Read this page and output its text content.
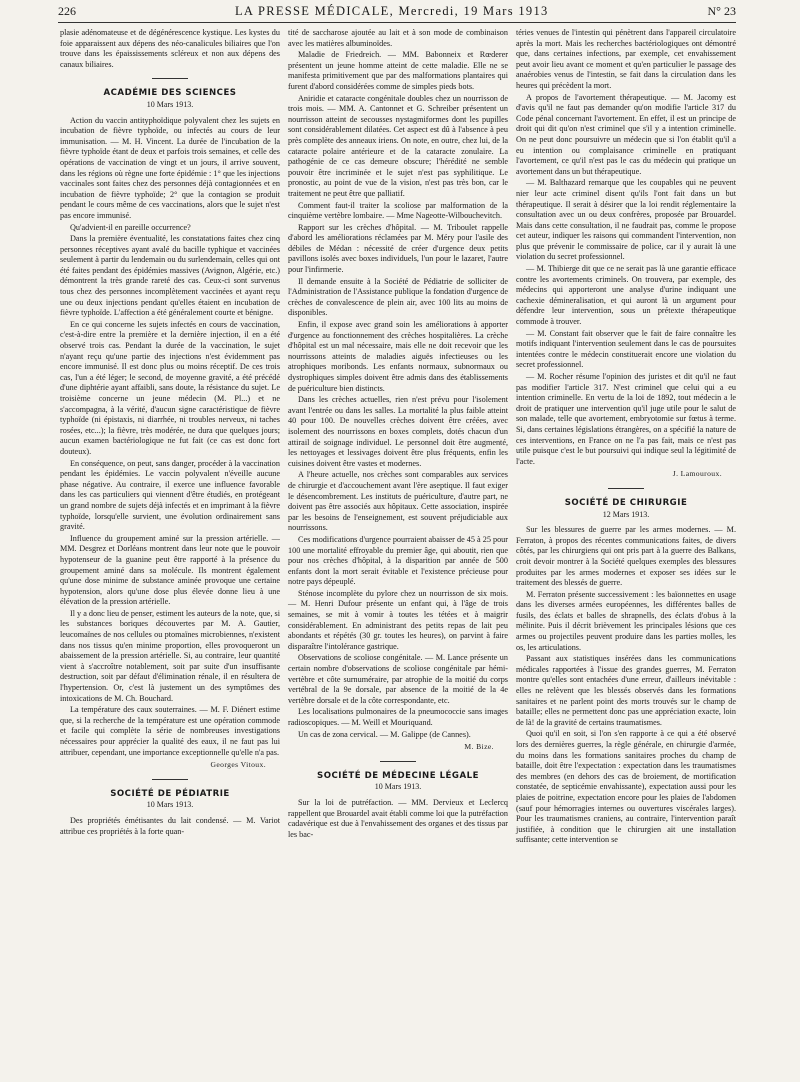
226	LA PRESSE MÉDICALE, Mercredi, 19 Mars 1913	N° 23

plasie adénomateuse et de dégénérescence kystique. Les kystes du foie apparaissent aux dépens des néo-canalicules biliaires que l'on trouve dans les épaississements scléreux et non aux dépens des canaux biliaires.

ACADÉMIE DES SCIENCES
10 Mars 1913.

Action du vaccin antityphoïdique polyvalent chez les sujets en incubation de fièvre typhoïde, ou infectés au cours de leur immunisation. — M. H. Vincent. La durée de l'incubation de la fièvre typhoïde étant de deux et parfois trois semaines, et celle des opérations de vaccination de vingt et un jours, il arrive souvent, dans les régions où règne une forte épidémie : 1° que les injections vaccinales sont faites chez des personnes déjà contagionnées et en incubation de fièvre typhoïde; 2° que la contagion se produit pendant le cours même de ces vaccinations, alors que le sujet n'est pas encore immunisé.

Qu'advient-il en pareille occurrence?

Dans la première éventualité, les constatations faites chez cinq personnes réceptives ayant avalé du bacille typhique et vaccinées seulement à partir du lendemain ou du surlendemain, celles qui ont été faites pendant des épidémies massives (Avignon, Algérie, etc.) démontrent la très grande rareté des cas. Ceux-ci sont survenus tous chez des personnes incomplètement vaccinées et ayant reçu une ou deux injections pendant qu'elles étaient en incubation de fièvre typhoïde. L'affection a été généralement courte et bénigne.

En ce qui concerne les sujets infectés en cours de vaccination, c'est-à-dire entre la première et la dernière injection, il en a été observé trois cas. Pendant la durée de la vaccination, le sujet n'ayant reçu qu'une partie des injections n'est évidemment pas encore immunisé. Il est donc plus ou moins réceptif. De ces trois cas, l'un a été léger; le second, de moyenne gravité, a été précédé d'une diphtérie ayant affaibli, sans doute, la résistance du sujet. Le troisième concerne un jeune médecin (M. Pl...) et ne s'accompagna, à la vérité, d'aucun signe caractéristique de fièvre typhoïde (ni épistaxis, ni diarrhée, ni troubles nerveux, ni taches rosées, etc...); la fièvre, très modérée, ne dura que quelques jours; aucun examen bactériologique ne fut fait (ce cas est donc fort douteux).

En conséquence, on peut, sans danger, procéder à la vaccination pendant les épidémies. Le vaccin polyvalent n'éveille aucune phase négative. Au contraire, il exerce une influence favorable dans les cas particuliers qui viennent d'être étudiés, en protégeant un grand nombre de sujets déjà infectés et en imprimant à la fièvre typhoïde, lorsqu'elle survient, une évolution ordinairement sans gravité.

Influence du groupement aminé sur la pression artérielle. — MM. Desgrez et Dorléans montrent dans leur note que le pouvoir hypotenseur de la guanine peut être rapporté à la présence du groupement aminé dans sa molécule. Ils montrent également qu'une dose minime de substance aminée provoque une certaine hypotension, alors qu'une dose plus élevée donne lieu à une élévation de la pression artérielle.

Il y a donc lieu de penser, estiment les auteurs de la note, que, si les substances boriques découvertes par M. A. Gautier, leucomaïnes de nos cellules ou ptomaïnes microbiennes, n'existent dans nos tissus qu'en minime proportion, elles provoqueront un abaissement de la pression artérielle. Si, au contraire, leur quantité vient à s'accroître notablement, soit par suite d'un insuffisante destruction, soit par défaut d'élimination rénale, il en résultera de l'hypertension. Or, c'est là justement un des symptômes des intoxications de M. Ch. Bouchard.

La température des caux souterraines. — M. F. Diénert estime que, si la recherche de la température est une opération commode et facile qui complète la série de nombreuses investigations nécessaires pour apprécier la qualité des eaux, il ne faut pas lui attribuer, cependant, une importance exceptionnelle qu'elle n'a pas.

Georges Vitoux.
SOCIÉTÉ DE PÉDIATRIE
10 Mars 1913.

Des propriétés émétisantes du lait condensé. — M. Variot attribue ces propriétés à la forte quan-

tité de saccharose ajoutée au lait et à son mode de combinaison avec les matières albuminoïdes.

Maladie de Friedreich. — MM. Babonneix et Rœderer présentent un jeune homme atteint de cette maladie. Elle ne se manifesta primitivement que par des malformations plantaires qui furent d'abord considérées comme de simples pieds bots.

Aniridie et cataracte congénitale doubles chez un nourrisson de trois mois. — MM. A. Cantonnet et G. Schreiber présentent un nourrisson atteint de secousses nystagmiformes dont les pupilles sont considérablement dilatées. Cet aspect est dû à l'absence à peu près complète des anneaux iriens. On note, en outre, chez lui, de la cataracte polaire antérieure et de la cataracte zonulaire. La pathogénie de ce cas demeure obscure; l'hérédité ne semble pouvoir être incriminée et le sujet n'est pas syphilitique. Le pronostic, au point de vue de la vision, n'est pas très bon, car le traitement ne peut être que palliatif.

Comment faut-il traiter la scoliose par malformation de la cinquième vertèbre lombaire. — Mme Nageotte-Wilbouchevitch.

Rapport sur les crèches d'hôpital. — M. Triboulet rappelle d'abord les améliorations réclamées par M. Méry pour l'asile des débiles de Médan : nécessité de créer d'urgence deux petits pavillons isolés avec boxes individuels, l'un pour le lazaret, l'autre pour l'infirmerie.

Il demande ensuite à la Société de Pédiatrie de solliciter de l'Administration de l'Assistance publique la fondation d'urgence de crèches de convalescence de plein air, avec 100 lits au moins de disponibles.

Enfin, il expose avec grand soin les améliorations à apporter d'urgence au fonctionnement des crèches hospitalières. La crèche d'hôpital est un mal nécessaire, mais elle ne doit recevoir que les nourrissons atteints de maladies aiguës infectieuses ou les atrophiques moribonds. Les enfants normaux, subnormaux ou dystrophiques simples doivent être admis dans des établissements de puériculture bien distincts.

Dans les crèches actuelles, rien n'est prévu pour l'isolement avant l'entrée ou dans les salles. La mortalité la plus faible atteint 40 pour 100. De nouvelles crèches doivent être créées, avec isolement des nourrissons en boxes complets, dotés chacun d'un attirail de soignage individuel. Le personnel doit être augmenté, les nettoyages et lessivages doivent être plus fréquents, enfin les cuisines doivent être vastes et modernes.

A l'heure actuelle, nos crèches sont comparables aux services de chirurgie et d'accouchement avant l'ère aseptique. Il faut exiger le désencombrement. Les instituts de puériculture, d'autre part, ne doivent pas être associés aux hôpitaux. Cette association, inspirée par les besoins de l'enseignement, est souvent préjudiciable aux nourrissons.

Ces modifications d'urgence pourraient abaisser de 45 à 25 pour 100 une mortalité effroyable du premier âge, qui aboutit, rien que pour nos crèches d'hôpital, à la disparition par année de 500 enfants dont la mort serait évitable et l'existence précieuse pour notre pays dépeuplé.

Sténose incomplète du pylore chez un nourrisson de six mois. — M. Henri Dufour présente un enfant qui, à l'âge de trois semaines, se mit à vomir à toutes les tétées et à maigrir considérablement. En administrant des petits repas de lait peu abondants et répétés (30 gr. toutes les heures), on parvint à faire disparaître l'intolérance gastrique.

Observations de scoliose congénitale. — M. Lance présente un certain nombre d'observations de scoliose congénitale par hémi-vertèbre et côte surnuméraire, par atrophie de la moitié du corps vertébral de la 9e dorsale, par absence de la moitié de la 4e vertèbre dorsale et de la côte correspondante, etc.

Les localisations pulmonaires de la pneumococcie sans images radioscopiques. — M. Weill et Mouriquand.

Un cas de zona cervical. — M. Galippe (de Cannes).

M. Bize.
SOCIÉTÉ DE MÉDECINE LÉGALE
10 Mars 1913.

Sur la loi de putréfaction. — MM. Dervieux et Leclercq rappellent que Brouardel avait établi comme loi que la putréfaction cadavérique est due à l'envahissement des organes et des tissus par les bac-

téries venues de l'intestin qui pénètrent dans l'appareil circulatoire après la mort. Mais les recherches bactériologiques ont démontré que, dans certaines infections, par exemple, cet envahissement peut avoir lieu avant ce moment et qu'en particulier le passage des anaérobies venus de l'intestin, se fait dans la circulation dans les heures qui précèdent la mort.

A propos de l'avortement thérapeutique. — M. Jacomy est d'avis qu'il ne faut pas demander qu'on modifie l'article 317 du Code pénal concernant l'avortement. En effet, il est un principe de droit qui dit qu'on n'est criminel que s'il y a intention criminelle. On ne peut donc poursuivre un médecin que si l'on établit qu'il a eu intention ou complaisance criminelle en pratiquant l'avortement, ce qu'il n'est pas le cas du médecin qui pratique un avortement dans un but thérapeutique.

— M. Balthazard remarque que les coupables qui ne peuvent nier leur acte criminel disent qu'ils l'ont fait dans un but thérapeutique. Il serait à désirer que la loi rendit réglementaire la consultation avec un ou deux confrères, proposée par Brouardel. Mais dans cette consultation, il ne faudrait pas, comme le propose cet auteur, indiquer les raisons qui commandent l'intervention, non plus que prévenir le commissaire de police, car il y aurait là une violation du secret professionnel.

— M. Thibierge dit que ce ne serait pas là une garantie efficace contre les avortements criminels. On trouvera, par exemple, des médecins qui apporteront une analyse d'urine indiquant une cachexie démineralisation, et qui auront là un argument pour défendre leur intervention, sous un prétexte thérapeutique commode à trouver.

— M. Constant fait observer que le fait de faire connaître les motifs indiquant l'intervention seulement dans le cas de poursuites intentées contre le médecin constituerait encore une violation du secret professionnel.

— M. Rocher résume l'opinion des juristes et dit qu'il ne faut pas modifier l'article 317. N'est criminel que celui qui a eu intention criminelle. En vertu de la loi de 1892, tout médecin a le droit de pratiquer une intervention qu'il juge utile pour le salut de son malade, telle que avortement, embryotomie sur fœtus à terme. Si, dans certaines législations étrangères, on a spécifié la nature de ces interventions, en France on ne l'a pas fait, mais ce n'est pas utile puisque c'est le but poursuivi qui indique seul la légitimité de l'acte.

J. Lamouroux.
SOCIÉTÉ DE CHIRURGIE
12 Mars 1913.

Sur les blessures de guerre par les armes modernes. — M. Ferraton, à propos des récentes communications faites, de divers côtés, par les chirurgiens qui ont pris part à la guerre des Balkans, croit devoir montrer à la Société quelques exemples des blessures produites par les armes modernes et exposer ses idées sur le traitement des blessés de guerre.

M. Ferraton présente successivement : les baïonnettes en usage dans les diverses armées européennes, les différentes balles de fusils, des éclats et balles de shrapnells, des éclats d'obus à la mélinite. Puis il décrit brièvement les principales lésions que ces armes ou projectiles peuvent produire dans les parties molles, les os, les articulations.

Passant aux statistiques insérées dans les communications médicales rapportées à l'issue des grandes guerres, M. Ferraton montre qu'elles sont entachées d'une erreur, d'ailleurs inévitable : elles ne relèvent que les blessés observés dans les formations sanitaires et ne parlent point des morts trouvés sur le champ de bataille; elles ne permettent donc pas une appréciation exacte, loin de là! de la gravité de certains traumatismes.

Quoi qu'il en soit, si l'on s'en rapporte à ce qui a été observé lors des dernières guerres, la règle générale, en chirurgie d'armée, du moins dans les formations sanitaires proches du champ de bataille, doit être l'expectation : expectation dans les traumatismes des membres (en dehors des cas de broiement, de mortification constatée, de septicémie envahissante), expectation aussi pour les plaies de poitrine, expectation encore pour les plaies de l'abdomen (sauf pour hémorragies internes ou ouvertures viscérales larges). Pour les traumatismes craniens, au contraire, l'intervention paraît justifiée, à condition que le chirurgien ait une installation suffisante; cette intervention se
